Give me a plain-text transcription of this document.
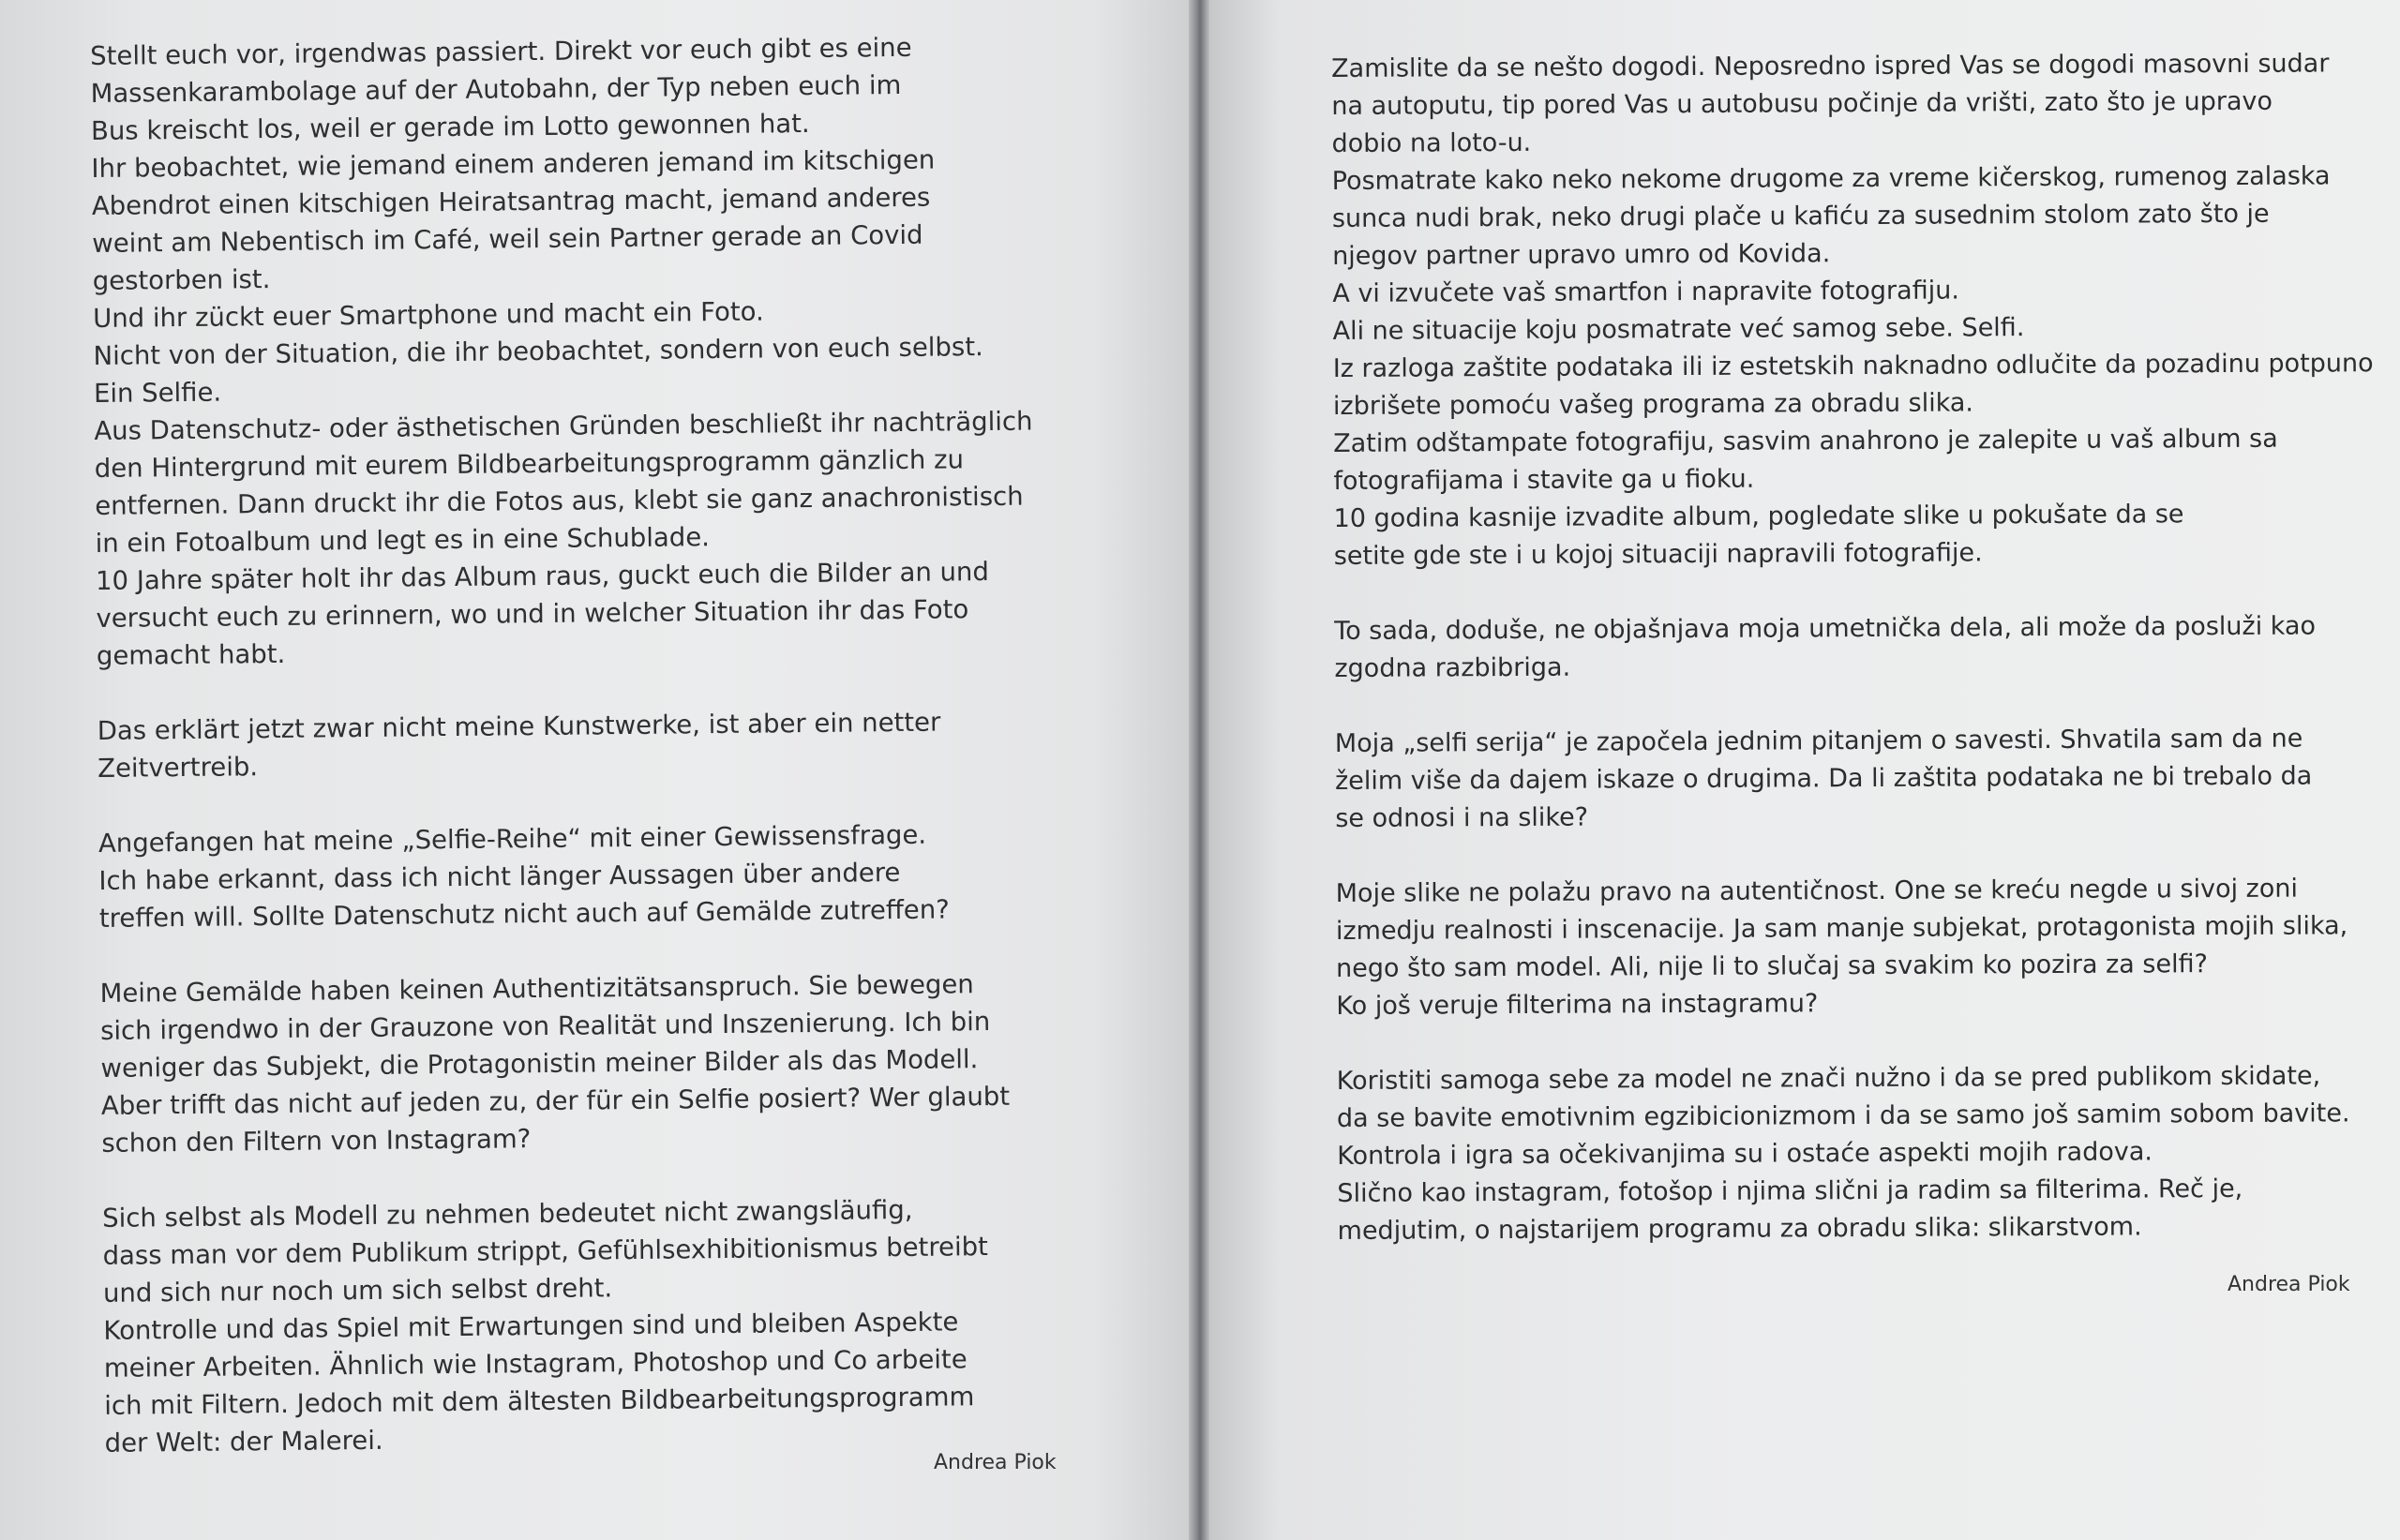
Stellt euch vor, irgendwas passiert. Direkt vor euch gibt es eine
Massenkarambolage auf der Autobahn, der Typ neben euch im
Bus kreischt los, weil er gerade im Lotto gewonnen hat.
Ihr beobachtet, wie jemand einem anderen jemand im kitschigen
Abendrot einen kitschigen Heiratsantrag macht, jemand anderes
weint am Nebentisch im Café, weil sein Partner gerade an Covid
gestorben ist.
Und ihr zückt euer Smartphone und macht ein Foto.
Nicht von der Situation, die ihr beobachtet, sondern von euch selbst.
Ein Selfie.
Aus Datenschutz- oder ästhetischen Gründen beschließt ihr nachträglich
den Hintergrund mit eurem Bildbearbeitungsprogramm gänzlich zu
entfernen. Dann druckt ihr die Fotos aus, klebt sie ganz anachronistisch
in ein Fotoalbum und legt es in eine Schublade.
10 Jahre später holt ihr das Album raus, guckt euch die Bilder an und
versucht euch zu erinnern, wo und in welcher Situation ihr das Foto
gemacht habt.

Das erklärt jetzt zwar nicht meine Kunstwerke, ist aber ein netter
Zeitvertreib.

Angefangen hat meine „Selfie-Reihe“ mit einer Gewissensfrage.
Ich habe erkannt, dass ich nicht länger Aussagen über andere
treffen will. Sollte Datenschutz nicht auch auf Gemälde zutreffen?

Meine Gemälde haben keinen Authentizitätsanspruch. Sie bewegen
sich irgendwo in der Grauzone von Realität und Inszenierung. Ich bin
weniger das Subjekt, die Protagonistin meiner Bilder als das Modell.
Aber trifft das nicht auf jeden zu, der für ein Selfie posiert? Wer glaubt
schon den Filtern von Instagram?

Sich selbst als Modell zu nehmen bedeutet nicht zwangsläufig,
dass man vor dem Publikum strippt, Gefühlsexhibitionismus betreibt
und sich nur noch um sich selbst dreht.
Kontrolle und das Spiel mit Erwartungen sind und bleiben Aspekte
meiner Arbeiten. Ähnlich wie Instagram, Photoshop und Co arbeite
ich mit Filtern. Jedoch mit dem ältesten Bildbearbeitungsprogramm
der Welt: der Malerei.

Andrea Piok

Zamislite da se nešto dogodi. Neposredno ispred Vas se dogodi masovni sudar
na autoputu, tip pored Vas u autobusu počinje da vrišti, zato što je upravo
dobio na loto-u.
Posmatrate kako neko nekome drugome za vreme kičerskog, rumenog zalaska
sunca nudi brak, neko drugi plače u kafiću za susednim stolom zato što je
njegov partner upravo umro od Kovida.
A vi izvučete vaš smartfon i napravite fotografiju.
Ali ne situacije koju posmatrate već samog sebe. Selfi.
Iz razloga zaštite podataka ili iz estetskih naknadno odlučite da pozadinu potpuno
izbrišete pomoću vašeg programa za obradu slika.
Zatim odštampate fotografiju, sasvim anahrono je zalepite u vaš album sa
fotografijama i stavite ga u fioku.
10 godina kasnije izvadite album, pogledate slike u pokušate da se
setite gde ste i u kojoj situaciji napravili fotografije.

To sada, doduše, ne objašnjava moja umetnička dela, ali može da posluži kao
zgodna razbibriga.

Moja „selfi serija“ je započela jednim pitanjem o savesti. Shvatila sam da ne
želim više da dajem iskaze o drugima. Da li zaštita podataka ne bi trebalo da
se odnosi i na slike?

Moje slike ne polažu pravo na autentičnost. One se kreću negde u sivoj zoni
izmedju realnosti i inscenacije. Ja sam manje subjekat, protagonista mojih slika,
nego što sam model. Ali, nije li to slučaj sa svakim ko pozira za selfi?
Ko još veruje filterima na instagramu?

Koristiti samoga sebe za model ne znači nužno i da se pred publikom skidate,
da se bavite emotivnim egzibicionizmom i da se samo još samim sobom bavite.
Kontrola i igra sa očekivanjima su i ostaće aspekti mojih radova.
Slično kao instagram, fotošop i njima slični ja radim sa filterima. Reč je,
medjutim, o najstarijem programu za obradu slika: slikarstvom.

Andrea Piok
